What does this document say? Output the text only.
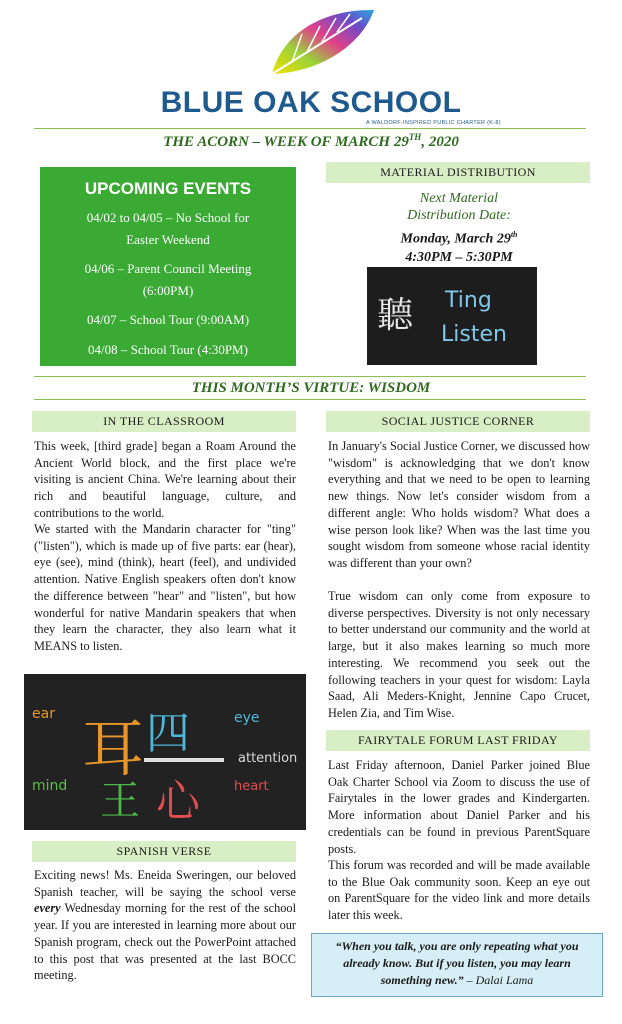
BLUE OAK SCHOOL
A WALDORF-INSPIRED PUBLIC CHARTER (K-8)
THE ACORN – WEEK OF MARCH 29TH, 2020
UPCOMING EVENTS
04/02 to 04/05 – No School for
Easter Weekend
04/06 – Parent Council Meeting
(6:00PM)
04/07 – School Tour (9:00AM)
04/08 – School Tour (4:30PM)
MATERIAL DISTRIBUTION
Next Material
Distribution Date:
Monday, March 29th
4:30PM – 5:30PM
聽 Ting
Listen
THIS MONTH’S VIRTUE: WISDOM
IN THE CLASSROOM
This week, [third grade] began a Roam Around the Ancient World block, and the first place we're visiting is ancient China. We're learning about their rich and beautiful language, culture, and contributions to the world.
We started with the Mandarin character for "ting" ("listen"), which is made up of five parts: ear (hear), eye (see), mind (think), heart (feel), and undivided attention. Native English speakers often don't know the difference between "hear" and "listen", but how wonderful for native Mandarin speakers that when they learn the character, they also learn what it MEANS to listen.
ear	eye
attention
mind	heart
耳 四
王 心
SPANISH VERSE
Exciting news! Ms. Eneida Sweringen, our beloved Spanish teacher, will be saying the school verse every Wednesday morning for the rest of the school year. If you are interested in learning more about our Spanish program, check out the PowerPoint attached to this post that was presented at the last BOCC meeting.
SOCIAL JUSTICE CORNER
In January's Social Justice Corner, we discussed how "wisdom" is acknowledging that we don't know everything and that we need to be open to learning new things. Now let's consider wisdom from a different angle: Who holds wisdom? What does a wise person look like? When was the last time you sought wisdom from someone whose racial identity was different than your own?
True wisdom can only come from exposure to diverse perspectives. Diversity is not only necessary to better understand our community and the world at large, but it also makes learning so much more interesting. We recommend you seek out the following teachers in your quest for wisdom: Layla Saad, Ali Meders-Knight, Jennine Capo Crucet, Helen Zia, and Tim Wise.
FAIRYTALE FORUM LAST FRIDAY
Last Friday afternoon, Daniel Parker joined Blue Oak Charter School via Zoom to discuss the use of Fairytales in the lower grades and Kindergarten. More information about Daniel Parker and his credentials can be found in previous ParentSquare posts.
This forum was recorded and will be made available to the Blue Oak community soon. Keep an eye out on ParentSquare for the video link and more details later this week.
“When you talk, you are only repeating what you already know. But if you listen, you may learn something new.” – Dalai Lama
